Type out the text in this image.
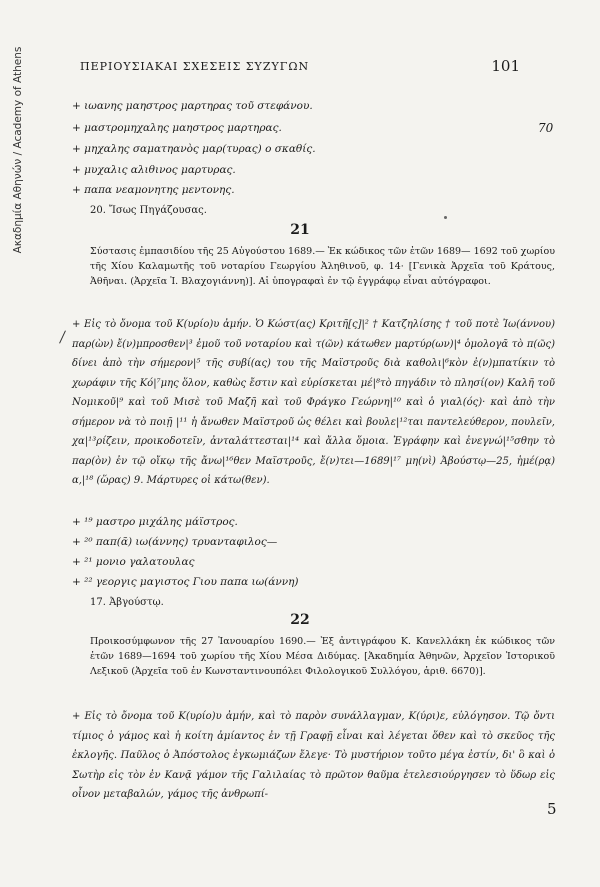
Ακαδημία Αθηνών / Academy of Athens	ΠΕΡΙΟΥΣΙΑΚΑΙ ΣΧΕΣΕΙΣ ΣΥΖΥΓΩΝ	101
+ ιωανης μαηστρος μαρτηρας τοῦ στεφάνου.
+ μαστρομηχαλης μαηστρος μαρτηρας.	70
+ μηχαλης σαματηανὸς μαρ(τυρας) ο σκαθίς.
+ μυχαλις αλιθινος μαρτυρας.
+ παπα νεαμονητης μεντονης.
20. Ἴσως Πηγάζουσας.
21
Σύστασις ἐμπασιδίου τῆς 25 Αὐγούστου 1689.— Ἐκ κώδικος τῶν ἐτῶν 1689— 1692 τοῦ χωρίου τῆς Χίου Καλαμωτῆς τοῦ νοταρίου Γεωργίου Ἀληθινοῦ, φ. 14· [Γενικὰ Ἀρχεῖα τοῦ Κράτους, Ἀθῆναι. (Ἀρχεῖα Ἰ. Βλαχογιάννη)]. Αἱ ὑπογραφαὶ ἐν τῷ ἐγγράφῳ εἶναι αὐτόγραφοι.
+ Εἰς τὸ ὄνομα τοῦ Κ(υρίο)υ ἀμήν. Ὁ Κώστ(ας) Κριτῆ[ς]|² † Κατζηλίσης † τοῦ ποτὲ Ἰω(άννου) παρ(ὼν) ἔ(ν)μπροσθεν|³ ἐμοῦ τοῦ νοταρίου καὶ τ(ῶν) κάτωθεν μαρτύρ(ων)|⁴ ὁμολογᾶ τὸ π(ῶς) δίνει ἀπὸ τὴν σήμερον|⁵ τῆς συβί(ας) του τῆς Μαϊστροῦς διὰ καθολι|⁶κὸν ἐ(ν)μπατίκιν τὸ χωράφιν τῆς Κό|⁷μης ὅλον, καθὼς ἔστιν καὶ εὑρίσκεται μέ|⁸τὸ πηγάδιν τὸ πλησί(ον) Καλῆ τοῦ Νομικοῦ|⁹ καὶ τοῦ Μισὲ τοῦ Μαζῆ καὶ τοῦ Φράγκο Γεώρνη|¹⁰ καὶ ὁ γιαλ(ός)· καὶ ἀπὸ τὴν σήμερον νὰ τὸ ποιῇ |¹¹ ἡ ἄνωθεν Μαϊστροῦ ὡς θέλει καὶ βουλε|¹²ται παντελεύθερον, πουλεῖν, χα|¹³ρίζειν, προικοδοτεῖν, ἀνταλάττεσται|¹⁴ καὶ ἄλλα ὅμοια. Ἐγράφην καὶ ἐνεγνώ|¹⁵σθην τὸ παρ(ὸν) ἐν τῷ οἴκῳ τῆς ἄνω|¹⁶θεν Μαϊστροῦς, ἔ(ν)τει—1689|¹⁷ μη(νὶ) Ἀβούστῳ—25, ἡμέ(ρᾳ) α,|¹⁸ (ὥρας) 9. Μάρτυρες οἱ κάτω(θεν).
+ ¹⁹ μαστρο μιχάλης μάϊστρος.
+ ²⁰ παπ(ᾶ) ιω(άννης) τρυανταφιλος—
+ ²¹ μονιο γαλατουλας
+ ²² γεοργις μαγιστος Γιου παπα ιω(άννη)
17. Ἀβγούστῳ.
22
Προικοσύμφωνον τῆς 27 Ἰανουαρίου 1690.— Ἐξ ἀντιγράφου Κ. Κανελλάκη ἐκ κώδικος τῶν ἐτῶν 1689—1694 τοῦ χωρίου τῆς Χίου Μέσα Διδύμας. [Ἀκαδημία Ἀθηνῶν, Ἀρχεῖον Ἱστορικοῦ Λεξικοῦ (Ἀρχεῖα τοῦ ἐν Κωνσταντινουπόλει Φιλολογικοῦ Συλλόγου, ἀριθ. 6670)].
+ Εἰς τὸ ὄνομα τοῦ Κ(υρίο)υ ἀμήν, καὶ τὸ παρὸν συνάλλαγμαν, Κ(ύρι)ε, εὐλόγησον. Τῷ ὄντι τίμιος ὁ γάμος καὶ ἡ κοίτη ἀμίαντος ἐν τῇ Γραφῇ εἶναι καὶ λέγεται ὅθεν καὶ τὸ σκεῦος τῆς ἐκλογῆς. Παῦλος ὁ Ἀπόστολος ἐγκωμιάζων ἔλεγε· Τὸ μυστήριον τοῦτο μέγα ἐστίν, δι' ὃ καὶ ὁ Σωτὴρ εἰς τὸν ἐν Κανᾷ γάμον τῆς Γαλιλαίας τὸ πρῶτον θαῦμα ἐτελεσιούργησεν τὸ ὕδωρ εἰς οἶνον μεταβαλών, γάμος τῆς ἀνθρωπί-
5
